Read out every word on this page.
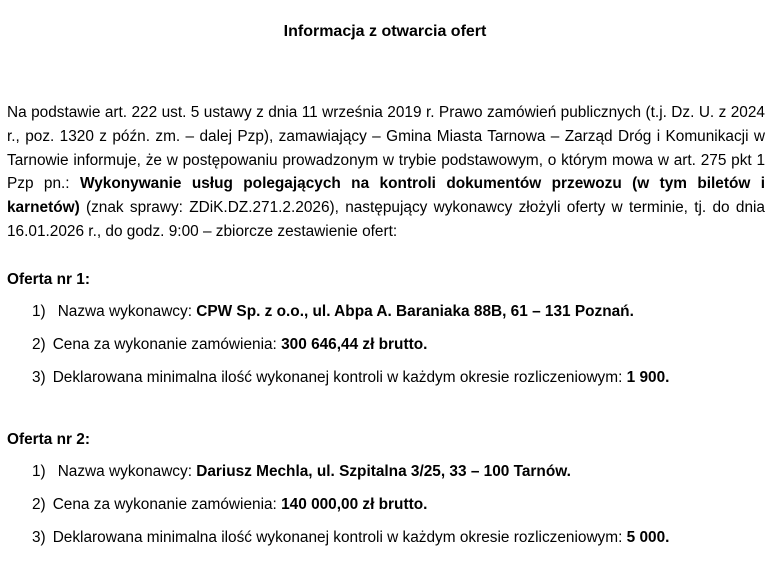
Informacja z otwarcia ofert

Na podstawie art. 222 ust. 5 ustawy z dnia 11 września 2019 r. Prawo zamówień publicznych (t.j. Dz. U. z 2024 r., poz. 1320 z późn. zm. – dalej Pzp), zamawiający – Gmina Miasta Tarnowa – Zarząd Dróg i Komunikacji w Tarnowie informuje, że w postępowaniu prowadzonym w trybie podstawowym, o którym mowa w art. 275 pkt 1 Pzp pn.: Wykonywanie usług polegających na kontroli dokumentów przewozu (w tym biletów i karnetów) (znak sprawy: ZDiK.DZ.271.2.2026), następujący wykonawcy złożyli oferty w terminie, tj. do dnia 16.01.2026 r., do godz. 9:00 – zbiorcze zestawienie ofert:

Oferta nr 1:
1) Nazwa wykonawcy: CPW Sp. z o.o., ul. Abpa A. Baraniaka 88B, 61 – 131 Poznań.
2) Cena za wykonanie zamówienia: 300 646,44 zł brutto.
3) Deklarowana minimalna ilość wykonanej kontroli w każdym okresie rozliczeniowym: 1 900.
Oferta nr 2:
1) Nazwa wykonawcy: Dariusz Mechla, ul. Szpitalna 3/25, 33 – 100 Tarnów.
2) Cena za wykonanie zamówienia: 140 000,00 zł brutto.
3) Deklarowana minimalna ilość wykonanej kontroli w każdym okresie rozliczeniowym: 5 000.
